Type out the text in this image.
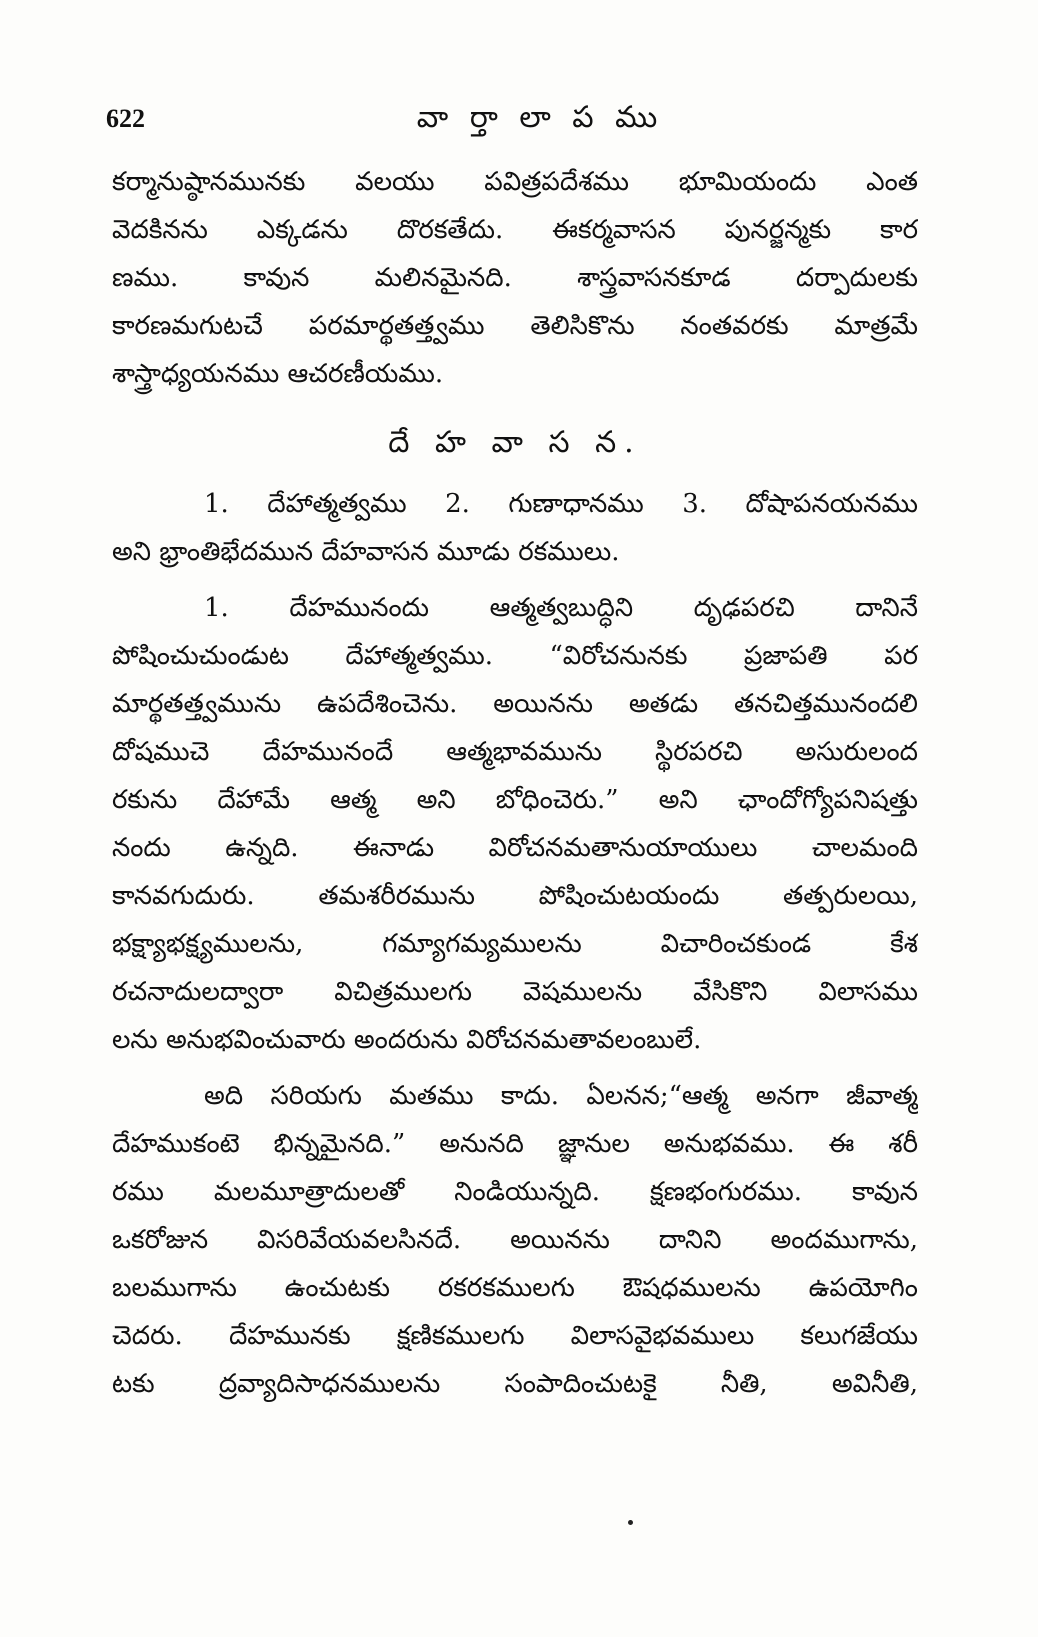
622	వా ర్తా లా ప ము
కర్మానుష్ఠానమునకు వలయు పవిత్రపదేశము భూమియందు ఎంత
వెదకినను ఎక్కడను దొరకతేదు. ఈకర్మవాసన పునర్జన్మకు కార
ణము. కావున మలినమైనది. శాస్త్రవాసనకూడ దర్పాదులకు
కారణమగుటచే పరమార్థతత్త్వము తెలిసికొను నంతవరకు మాత్రమే
శాస్త్రాధ్యయనము ఆచరణీయము.
దే హ వా స న.
1. దేహాత్మత్వము 2. గుణాధానము 3. దోషాపనయనము
అని భ్రాంతిభేదమున దేహవాసన మూడు రకములు.
1. దేహమునందు ఆత్మత్వబుద్ధిని దృఢపరచి దానినే
పోషించుచుండుట దేహాత్మత్వము. “విరోచనునకు ప్రజాపతి పర
మార్థతత్త్వమును ఉపదేశించెను. అయినను అతడు తనచిత్తమునందలి
దోషముచె దేహమునందే ఆత్మభావమును స్థిరపరచి అసురులంద
రకును దేహామే ఆత్మ అని బోధించెరు.” అని ఛాందోగ్యోపనిషత్తు
నందు ఉన్నది. ఈనాడు విరోచనమతానుయాయులు చాలమంది
కానవగుదురు. తమశరీరమును పోషించుటయందు తత్పరులయి,
భక్ష్యాభక్ష్యములను, గమ్యాగమ్యములను విచారించకుండ కేశ
రచనాదులద్వారా విచిత్రములగు వెషములను వేసికొని విలాసము
లను అనుభవించువారు అందరును విరోచనమతావలంబులే.
అది సరియగు మతము కాదు. ఏలనన;“ఆత్మ అనగా జీవాత్మ
దేహముకంటె భిన్నమైనది.” అనునది జ్ఞానుల అనుభవము. ఈ శరీ
రము మలమూత్రాదులతో నిండియున్నది. క్షణభంగురము. కావున
ఒకరోజున విసరివేయవలసినదే. అయినను దానిని అందముగాను,
బలముగాను ఉంచుటకు రకరకములగు ఔషధములను ఉపయోగిం
చెదరు. దేహమునకు క్షణికములగు విలాసవైభవములు కలుగజేయు
టకు ద్రవ్యాదిసాధనములను సంపాదించుటకై నీతి, అవినీతి,
